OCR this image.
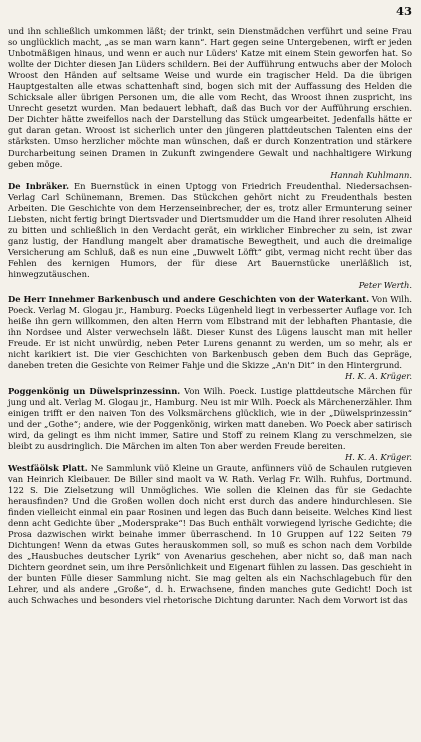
43

und ihn schließlich umkommen läßt; der trinkt, sein Dienstmädchen verführt und seine Frau so unglücklich macht, „as se man warn kann“. Hart gegen seine Untergebenen, wirft er jeden Unbotmäßigen hinaus, und wenn er auch nur Lüders' Katze mit einem Stein geworfen hat. So wollte der Dichter diesen Jan Lüders schildern. Bei der Aufführung entwuchs aber der Moloch Wroost den Händen auf seltsame Weise und wurde ein tragischer Held. Da die übrigen Hauptgestalten alle etwas schattenhaft sind, bogen sich mit der Auffassung des Helden die Schicksale aller übrigen Personen um, die alle vom Recht, das Wroost ihnen zuspricht, ins Unrecht gesetzt wurden. Man bedauert lebhaft, daß das Buch vor der Aufführung erschien. Der Dichter hätte zweifellos nach der Darstellung das Stück umgearbeitet. Jedenfalls hätte er gut daran getan. Wroost ist sicherlich unter den jüngeren plattdeutschen Talenten eins der stärksten. Umso herzlicher möchte man wünschen, daß er durch Konzentration und stärkere Durcharbeitung seinen Dramen in Zukunft zwingendere Gewalt und nachhaltigere Wirkung geben möge.

Hannah Kuhlmann.

De Inbräker. En Buernstück in einen Uptogg von Friedrich Freudenthal. Niedersachsen-Verlag Carl Schünemann, Bremen. Das Stückchen gehört nicht zu Freudenthals besten Arbeiten. Die Geschichte von dem Herzenseinbrecher, der es, trotz aller Ermunterung seiner Liebsten, nicht fertig bringt Diertsvader und Diertsmudder um die Hand ihrer resoluten Alheid zu bitten und schließlich in den Verdacht gerät, ein wirklicher Einbrecher zu sein, ist zwar ganz lustig, der Handlung mangelt aber dramatische Bewegtheit, und auch die dreimalige Versicherung am Schluß, daß es nun eine „Duwwelt Löfft“ gibt, vermag nicht recht über das Fehlen des kernigen Humors, der für diese Art Bauernstücke unerläßlich ist, hinwegzutäuschen.

Peter Werth.

De Herr Innehmer Barkenbusch und andere Geschichten von der Waterkant. Von Wilh. Poeck. Verlag M. Glogau jr., Hamburg. Poecks Lügenheld liegt in verbesserter Auflage vor. Ich heiße ihn gern willkommen, den alten Herrn vom Elbstrand mit der lebhaften Phantasie, die ihn Nordsee und Alster verwechseln läßt. Dieser Kunst des Lügens lauscht man mit heller Freude. Er ist nicht unwürdig, neben Peter Lurens genannt zu werden, um so mehr, als er nicht karikiert ist. Die vier Geschichten von Barkenbusch geben dem Buch das Gepräge, daneben treten die Gesichte von Reimer Fahje und die Skizze „An'n Dit“ in den Hintergrund.

H. K. A. Krüger.

Poggenkönig un Düwelsprinzessinn. Von Wilh. Poeck. Lustige plattdeutsche Märchen für jung und alt. Verlag M. Glogau jr., Hamburg. Neu ist mir Wilh. Poeck als Märchenerzähler. Ihm einigen trifft er den naiven Ton des Volksmärchens glücklich, wie in der „Düwelsprinzessin“ und der „Gothe“; andere, wie der Poggenkönig, wirken matt daneben. Wo Poeck aber satirisch wird, da gelingt es ihm nicht immer, Satire und Stoff zu reinem Klang zu verschmelzen, sie bleibt zu ausdringlich. Die Märchen im alten Ton aber werden Freude bereiten.

H. K. A. Krüger.

Westfäölsk Platt. Ne Sammlunk vüö Kleine un Graute, anfünners vüö de Schaulen rutgieven van Heinrich Kleibauer. De Biller sind maolt va W. Rath. Verlag Fr. Wilh. Ruhfus, Dortmund. 122 S. Die Zielsetzung will Unmögliches. Wie sollen die Kleinen das für sie Gedachte herausfinden? Und die Großen wollen doch nicht erst durch das andere hindurchlesen. Sie finden vielleicht einmal ein paar Rosinen und legen das Buch dann beiseite. Welches Kind liest denn acht Gedichte über „Modersprake“! Das Buch enthält vorwiegend lyrische Gedichte; die Prosa dazwischen wirkt beinahe immer überraschend. In 10 Gruppen auf 122 Seiten 79 Dichtungen! Wenn da etwas Gutes herauskommen soll, so muß es schon nach dem Vorbilde des „Hausbuches deutscher Lyrik“ von Avenarius geschehen, aber nicht so, daß man nach Dichtern geordnet sein, um ihre Persönlichkeit und Eigenart fühlen zu lassen. Das geschieht in der bunten Fülle dieser Sammlung nicht. Sie mag gelten als ein Nachschlagebuch für den Lehrer, und als andere „Große“, d. h. Erwachsene, finden manches gute Gedicht! Doch ist auch Schwaches und besonders viel rhetorische Dichtung darunter. Nach dem Vorwort ist das
